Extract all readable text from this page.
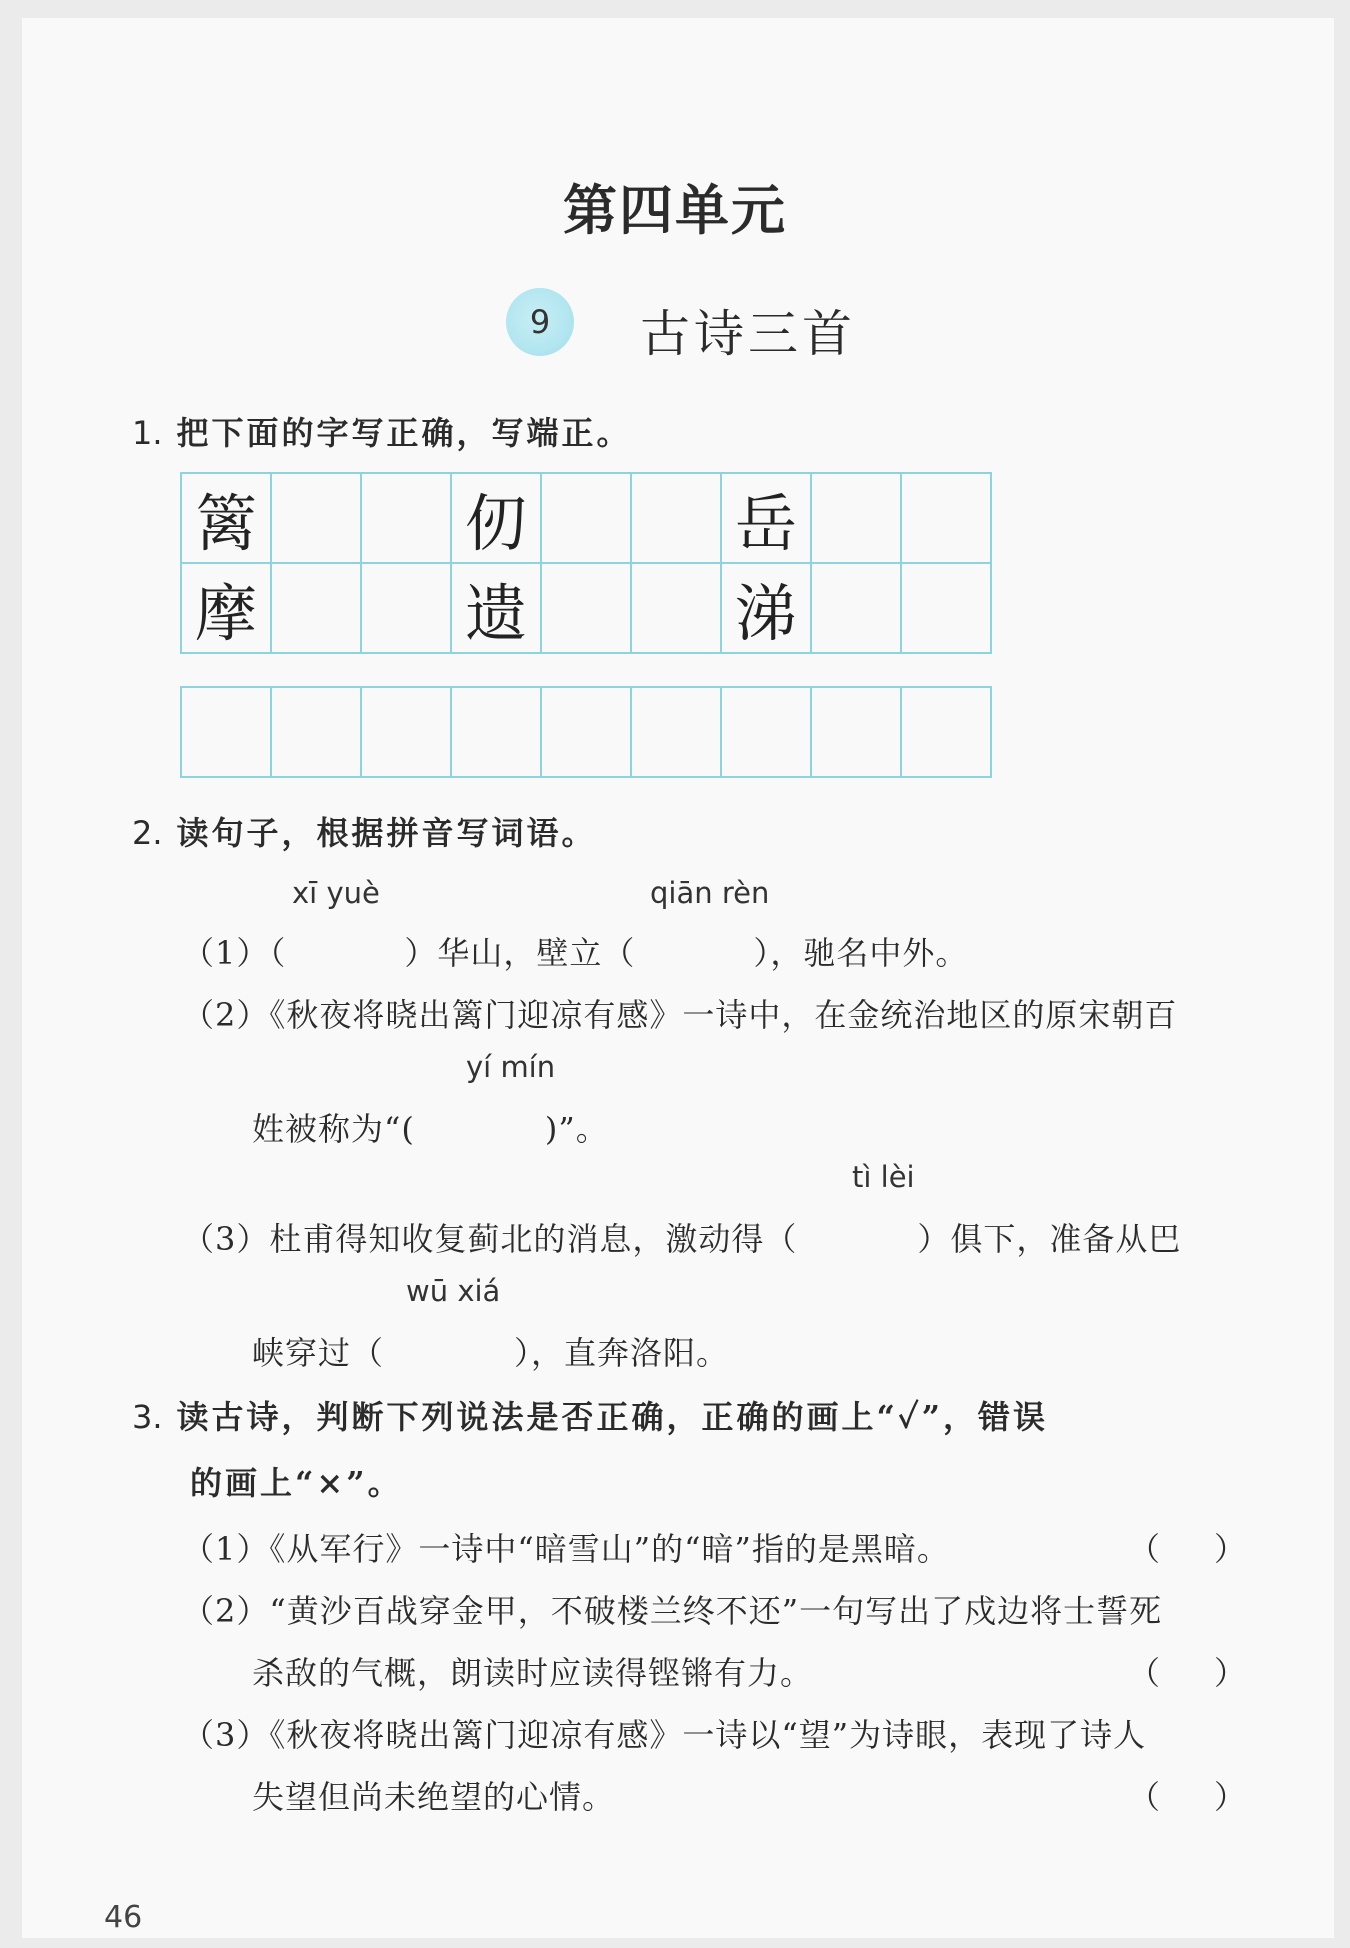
第四单元
9	古诗三首
1. 把下面的字写正确，写端正。
篱	仞	岳
摩	遗	涕
2. 读句子，根据拼音写词语。
xī yuè	qiān rèn
（1）（	）华山，壁立（	），驰名中外。
（2）《秋夜将晓出篱门迎凉有感》一诗中，在金统治地区的原宋朝百
yí mín
姓被称为“(	)”。
tì lèi
（3）杜甫得知收复蓟北的消息，激动得（	）俱下，准备从巴
wū xiá
峡穿过（	），直奔洛阳。
3. 读古诗，判断下列说法是否正确，正确的画上“✓”，错误
的画上“×”。
（1）《从军行》一诗中“暗雪山”的“暗”指的是黑暗。	（ ）
（2）“黄沙百战穿金甲，不破楼兰终不还”一句写出了戍边将士誓死
杀敌的气概，朗读时应读得铿锵有力。	（ ）
（3）《秋夜将晓出篱门迎凉有感》一诗以“望”为诗眼，表现了诗人
失望但尚未绝望的心情。	（ ）
46
